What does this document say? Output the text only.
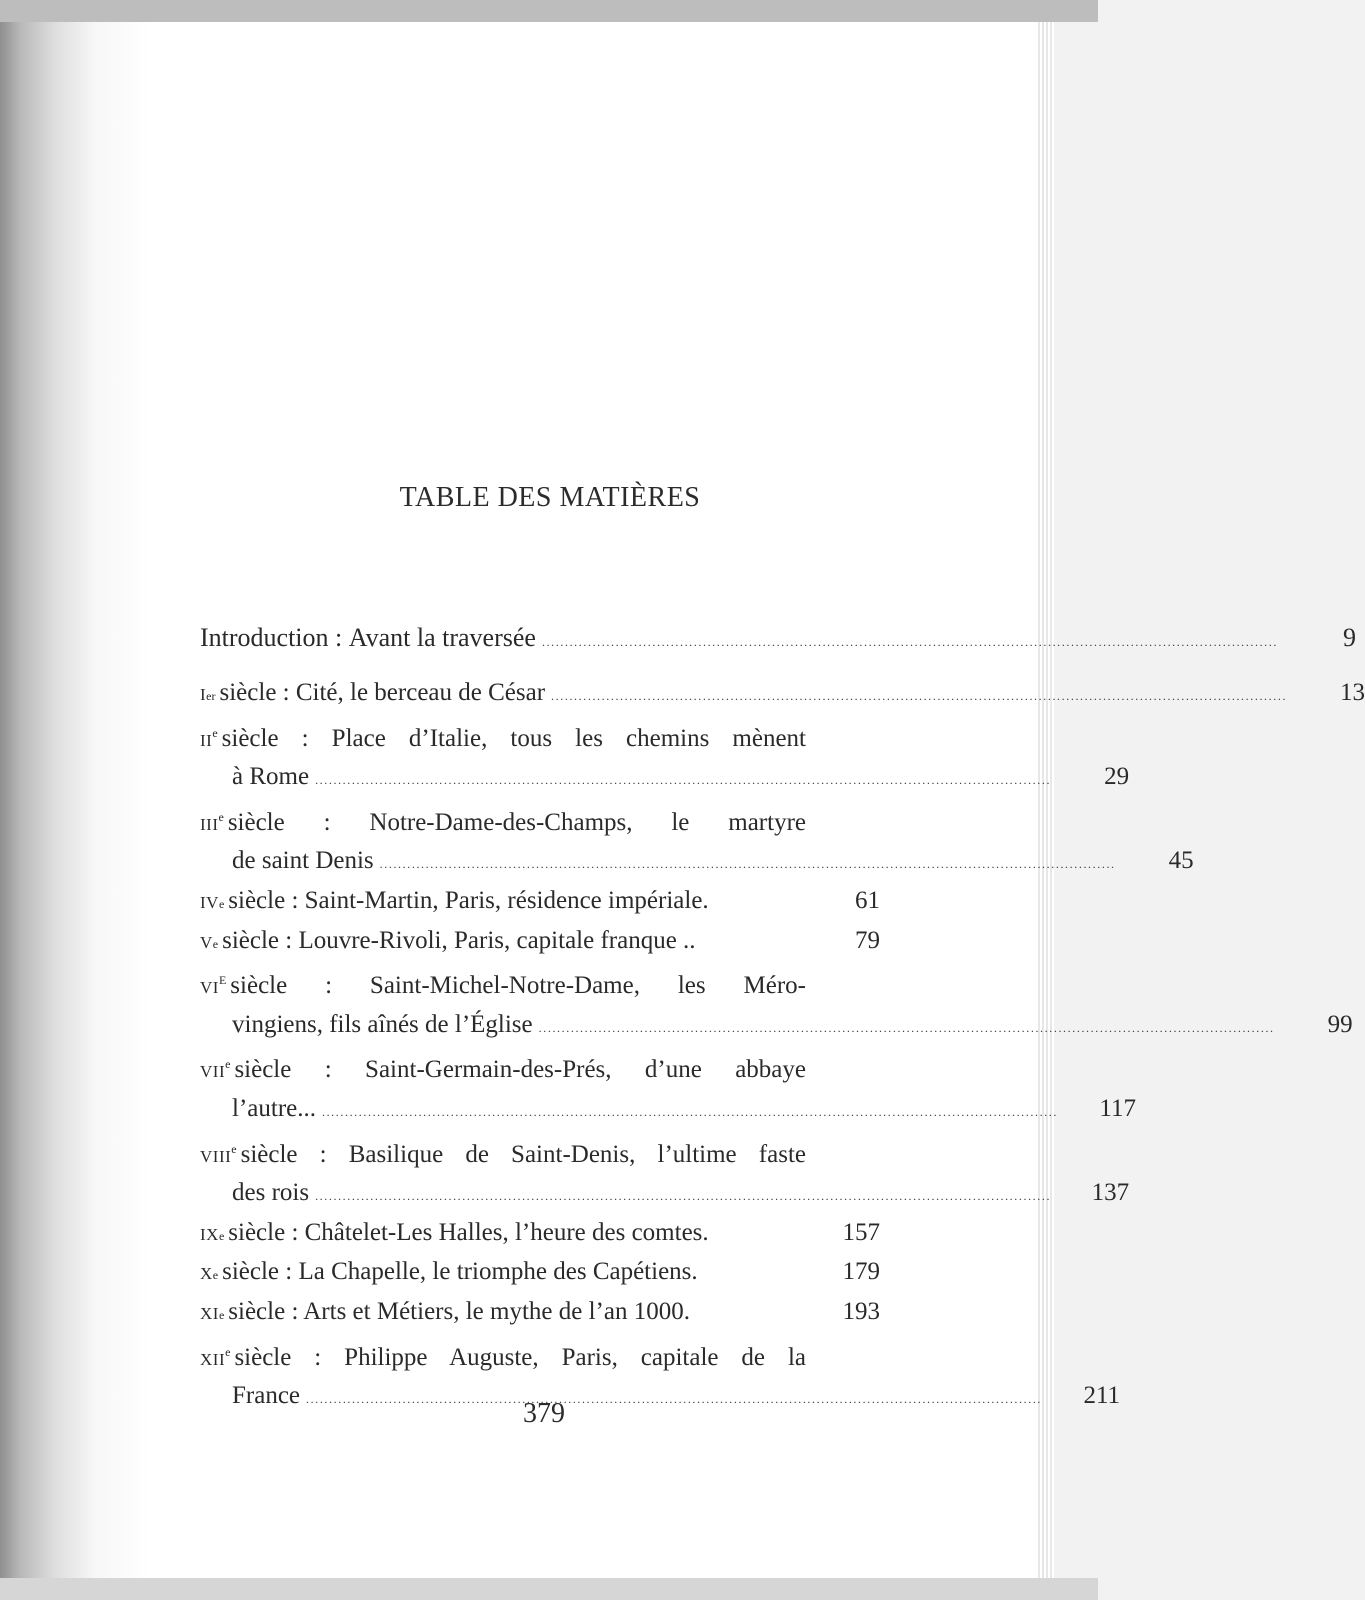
TABLE DES MATIÈRES
Introduction :
Avant la traversée ................................................................................................................................................................	9
I er siècle : Cité, le berceau de César ................................................................................................................................................................	13
IIe siècle : Place d’Italie, tous les chemins mènent
à Rome ................................................................................................................................................................	29
IIIe siècle : Notre-Dame-des-Champs, le martyre
de saint Denis ................................................................................................................................................................	45
IV e siècle : Saint-Martin, Paris, résidence impériale.	61
V e siècle : Louvre-Rivoli, Paris, capitale franque ..	79
$VI^E$ siècle : Saint-Michel-Notre-Dame, les Méro-
vingiens, fils aînés de l’Église ................................................................................................................................................................	99
VIIe siècle : Saint-Germain-des-Prés, d’une abbaye
l’autre... ................................................................................................................................................................	117
VIIIe siècle : Basilique de Saint-Denis, l’ultime faste
des rois ................................................................................................................................................................	137
IX e siècle : Châtelet-Les Halles, l’heure des comtes.	157
X e siècle : La Chapelle, le triomphe des Capétiens.	179
XI e siècle : Arts et Métiers, le mythe de l’an 1000.	193
XIIe siècle : Philippe Auguste, Paris, capitale de la
France ................................................................................................................................................................	211
379
